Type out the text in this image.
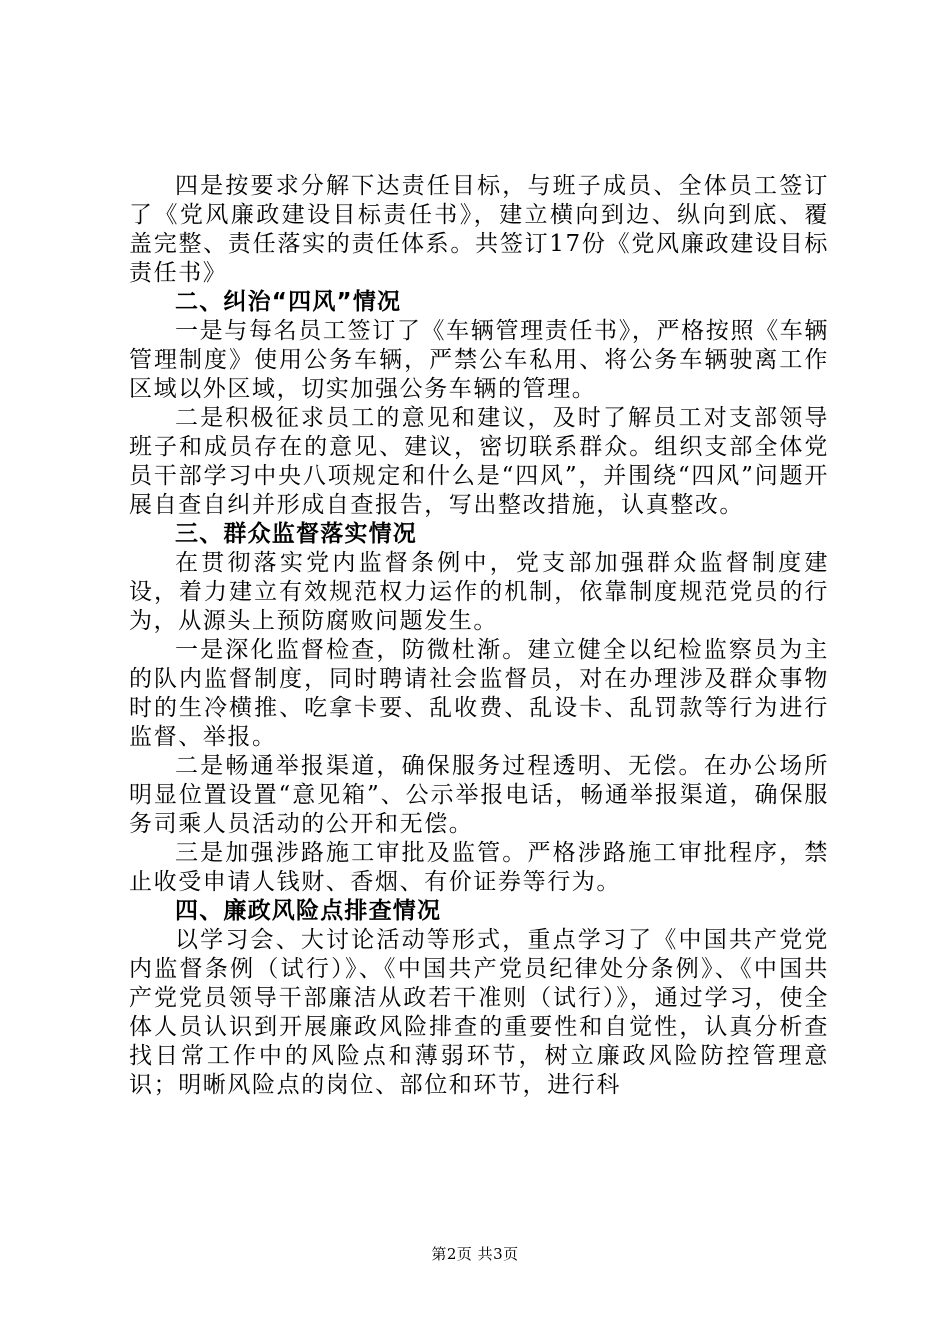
四是按要求分解下达责任目标，与班子成员、全体员工签订了《党风廉政建设目标责任书》，建立横向到边、纵向到底、覆盖完整、责任落实的责任体系。共签订17份《党风廉政建设目标责任书》

二、纠治“四风”情况

一是与每名员工签订了《车辆管理责任书》，严格按照《车辆管理制度》使用公务车辆，严禁公车私用、将公务车辆驶离工作区域以外区域，切实加强公务车辆的管理。

二是积极征求员工的意见和建议，及时了解员工对支部领导班子和成员存在的意见、建议，密切联系群众。组织支部全体党员干部学习中央八项规定和什么是“四风”，并围绕“四风”问题开展自查自纠并形成自查报告，写出整改措施，认真整改。

三、群众监督落实情况

在贯彻落实党内监督条例中，党支部加强群众监督制度建设，着力建立有效规范权力运作的机制，依靠制度规范党员的行为，从源头上预防腐败问题发生。

一是深化监督检查，防微杜渐。建立健全以纪检监察员为主的队内监督制度，同时聘请社会监督员，对在办理涉及群众事物时的生冷横推、吃拿卡要、乱收费、乱设卡、乱罚款等行为进行监督、举报。

二是畅通举报渠道，确保服务过程透明、无偿。在办公场所明显位置设置“意见箱”、公示举报电话，畅通举报渠道，确保服务司乘人员活动的公开和无偿。

三是加强涉路施工审批及监管。严格涉路施工审批程序，禁止收受申请人钱财、香烟、有价证券等行为。

四、廉政风险点排查情况

以学习会、大讨论活动等形式，重点学习了《中国共产党党内监督条例（试行）》、《中国共产党员纪律处分条例》、《中国共产党党员领导干部廉洁从政若干准则（试行）》，通过学习，使全体人员认识到开展廉政风险排查的重要性和自觉性，认真分析查找日常工作中的风险点和薄弱环节，树立廉政风险防控管理意识；明晰风险点的岗位、部位和环节，进行科

第2页 共3页
